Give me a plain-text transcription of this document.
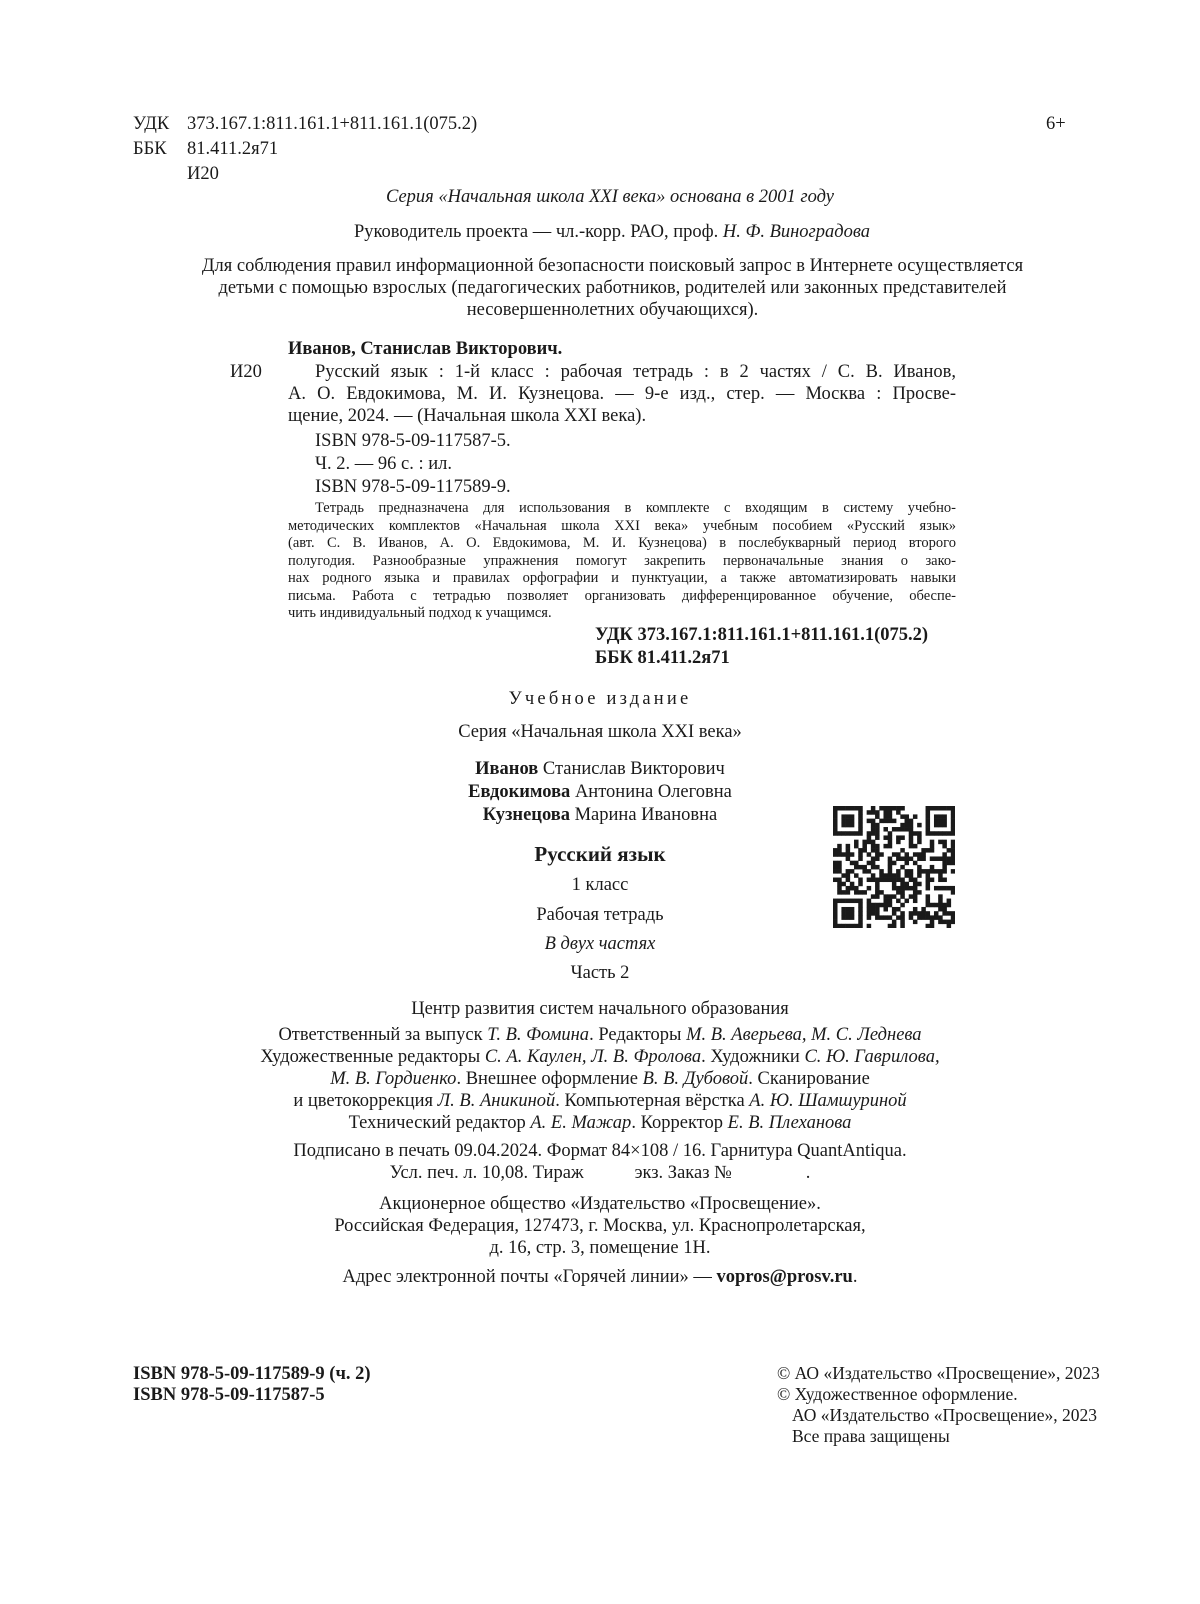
УДК 373.167.1:811.161.1+811.161.1(075.2)
ББК 81.411.2я71
И20
6+
Серия «Начальная школа XXI века» основана в 2001 году
Руководитель проекта — чл.-корр. РАО, проф. Н. Ф. Виноградова
Для соблюдения правил информационной безопасности поисковый запрос в Интернете осуществляется
детьми с помощью взрослых (педагогических работников, родителей или законных представителей
несовершеннолетних обучающихся).
Иванов, Станислав Викторович.
И20	Русский язык : 1-й класс : рабочая тетрадь : в 2 частях / С. В. Иванов,
А. О. Евдокимова, М. И. Кузнецова. — 9-е изд., стер. — Москва : Просве-
щение, 2024. — (Начальная школа XXI века).
ISBN 978-5-09-117587-5.
Ч. 2. — 96 с. : ил.
ISBN 978-5-09-117589-9.
Тетрадь предназначена для использования в комплекте с входящим в систему учебно-
методических комплектов «Начальная школа XXI века» учебным пособием «Русский язык»
(авт. С. В. Иванов, А. О. Евдокимова, М. И. Кузнецова) в послебукварный период второго
полугодия. Разнообразные упражнения помогут закрепить первоначальные знания о зако-
нах родного языка и правилах орфографии и пунктуации, а также автоматизировать навыки
письма. Работа с тетрадью позволяет организовать дифференцированное обучение, обеспе-
чить индивидуальный подход к учащимся.
УДК 373.167.1:811.161.1+811.161.1(075.2)
ББК 81.411.2я71
Учебное издание
Серия «Начальная школа XXI века»
Иванов Станислав Викторович
Евдокимова Антонина Олеговна
Кузнецова Марина Ивановна
Русский язык
1 класс
Рабочая тетрадь
В двух частях
Часть 2
Центр развития систем начального образования
Ответственный за выпуск Т. В. Фомина. Редакторы М. В. Аверьева, М. С. Леднева
Художественные редакторы С. А. Каулен, Л. В. Фролова. Художники С. Ю. Гаврилова,
М. В. Гордиенко. Внешнее оформление В. В. Дубовой. Сканирование
и цветокоррекция Л. В. Аникиной. Компьютерная вёрстка А. Ю. Шамшуриной
Технический редактор А. Е. Мажар. Корректор Е. В. Плеханова
Подписано в печать 09.04.2024. Формат 84×108 / 16. Гарнитура QuantAntiqua.
Усл. печ. л. 10,08. Тираж           экз. Заказ №                .
Акционерное общество «Издательство «Просвещение».
Российская Федерация, 127473, г. Москва, ул. Краснопролетарская,
д. 16, стр. 3, помещение 1Н.
Адрес электронной почты «Горячей линии» — vopros@prosv.ru.
ISBN 978-5-09-117589-9 (ч. 2)
ISBN 978-5-09-117587-5
© АО «Издательство «Просвещение», 2023
© Художественное оформление.
АО «Издательство «Просвещение», 2023
Все права защищены
